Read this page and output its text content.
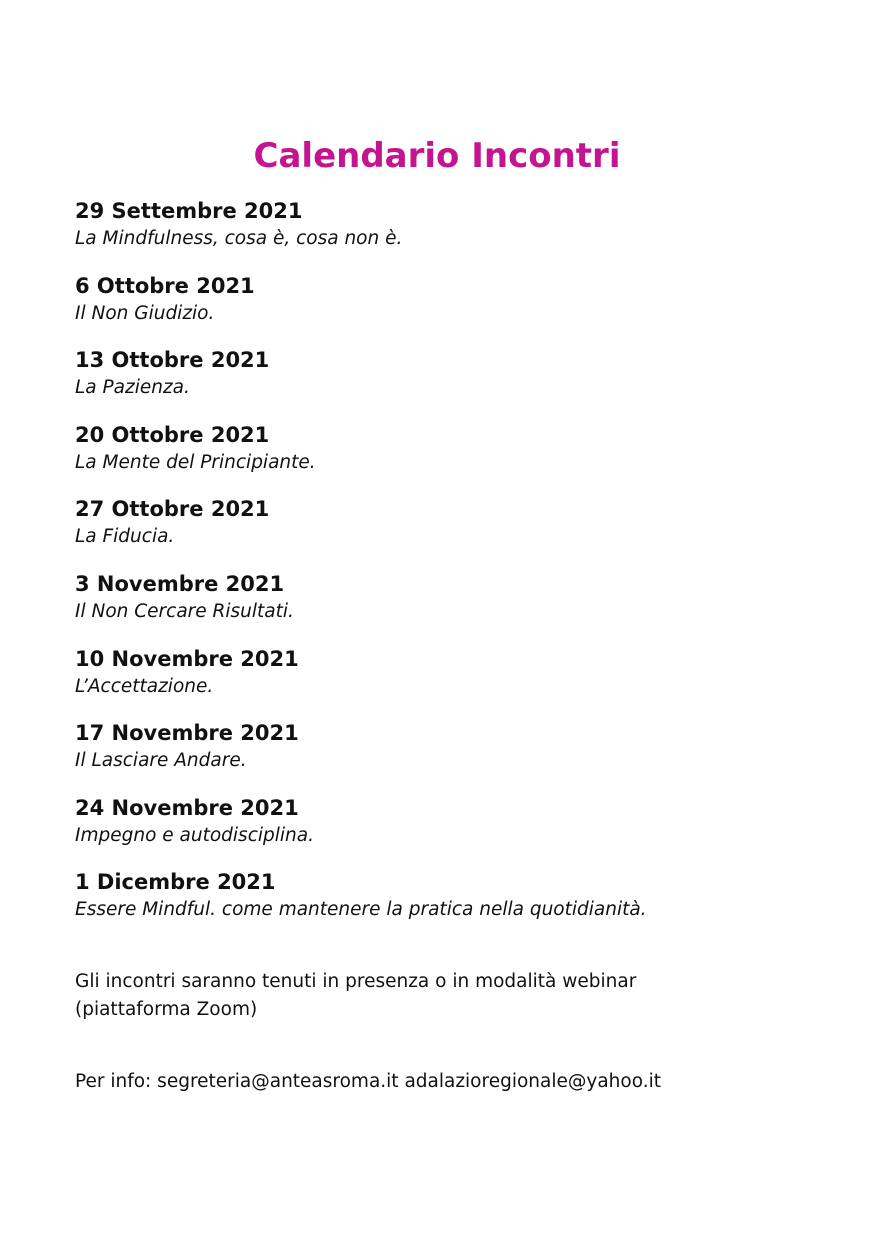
Calendario Incontri
29 Settembre 2021
La Mindfulness, cosa è, cosa non è.
6 Ottobre 2021
Il Non Giudizio.
13 Ottobre 2021
La Pazienza.
20 Ottobre 2021
La Mente del Principiante.
27 Ottobre 2021
La Fiducia.
3 Novembre 2021
Il Non Cercare Risultati.
10 Novembre 2021
L’Accettazione.
17 Novembre 2021
Il Lasciare Andare.
24 Novembre 2021
Impegno e autodisciplina.
1 Dicembre 2021
Essere Mindful. come mantenere la pratica nella quotidianità.
Gli incontri saranno tenuti in presenza o in modalità webinar
(piattaforma Zoom)
Per info: segreteria@anteasroma.it adalazioregionale@yahoo.it
